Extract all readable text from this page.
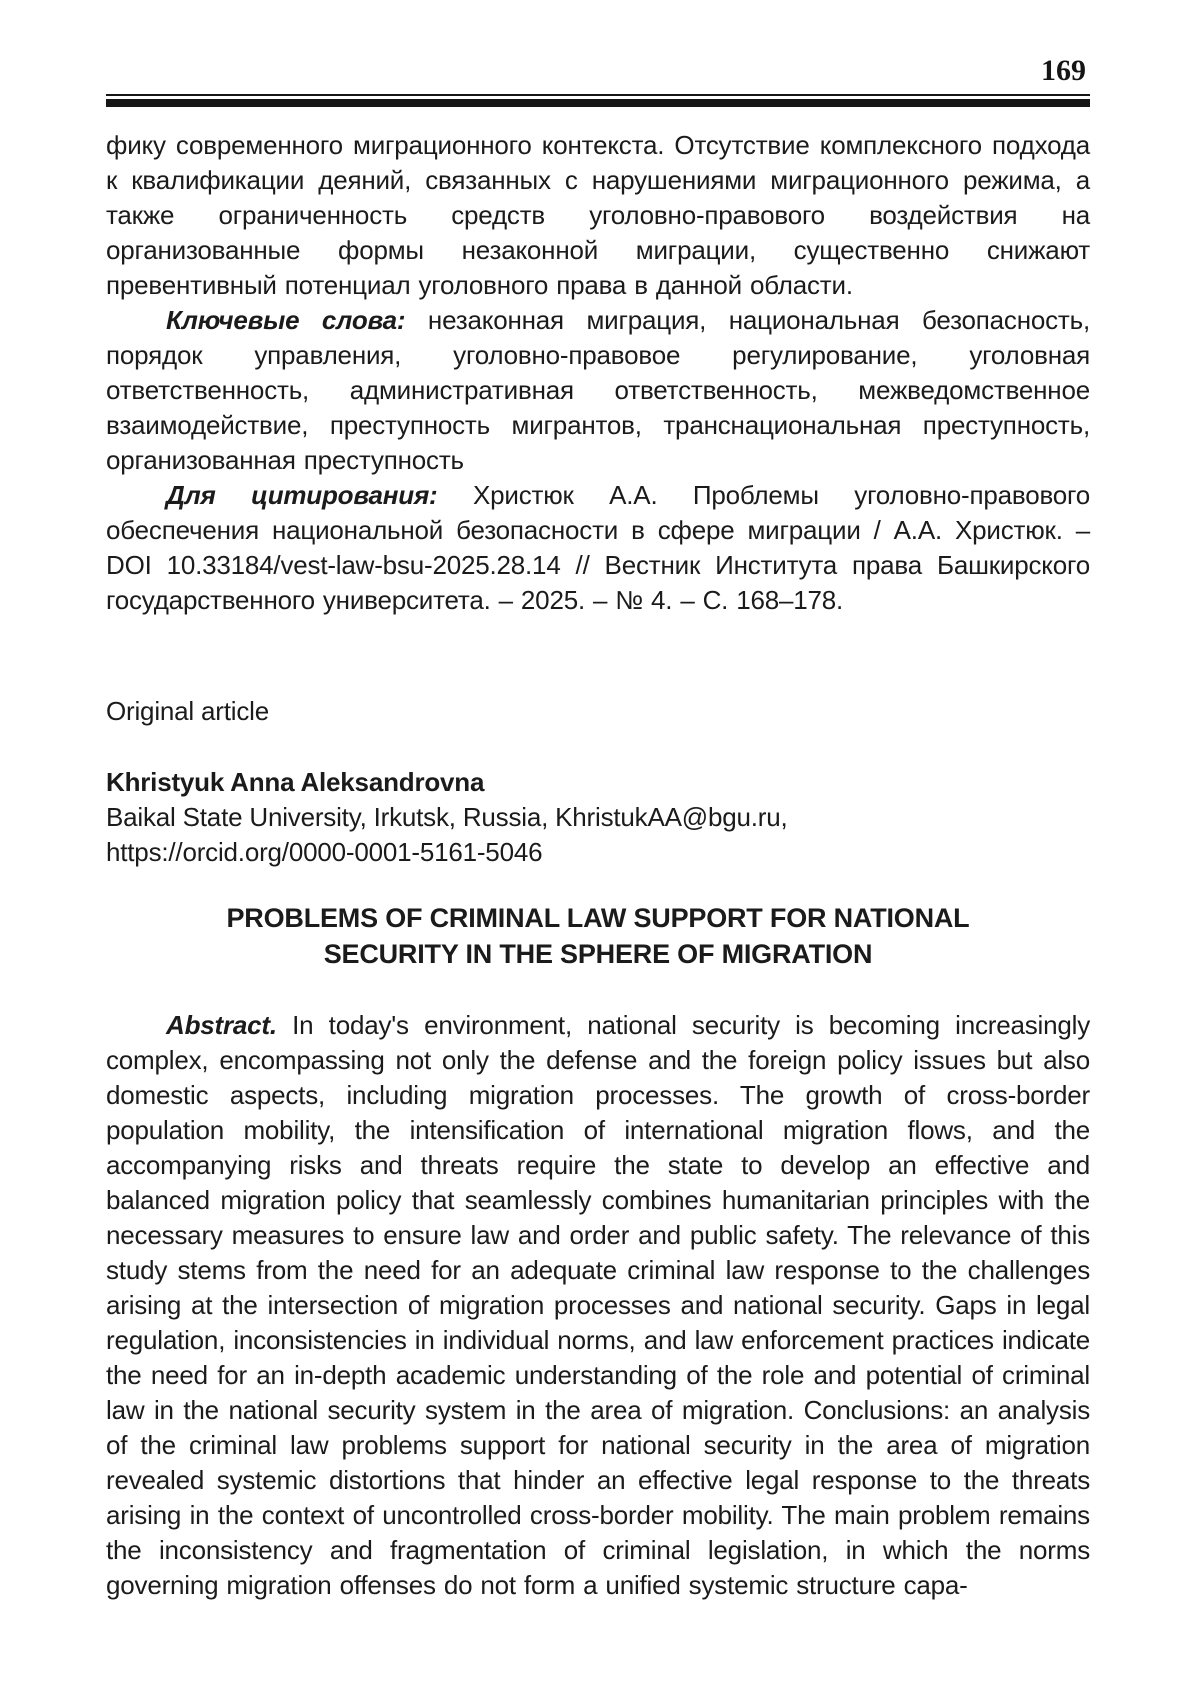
169

фику современного миграционного контекста. Отсутствие комплексного подхода к квалификации деяний, связанных с нарушениями миграционного режима, а также ограниченность средств уголовно-правового воздействия на организованные формы незаконной миграции, существенно снижают превентивный потенциал уголовного права в данной области.

Ключевые слова: незаконная миграция, национальная безопасность, порядок управления, уголовно-правовое регулирование, уголовная ответственность, административная ответственность, межведомственное взаимодействие, преступность мигрантов, транснациональная преступность, организованная преступность

Для цитирования: Христюк А.А. Проблемы уголовно-правового обеспечения национальной безопасности в сфере миграции / А.А. Христюк. – DOI 10.33184/vest-law-bsu-2025.28.14 // Вестник Института права Башкирского государственного университета. – 2025. – № 4. – С. 168–178.

Original article

Khristyuk Anna Aleksandrovna
Baikal State University, Irkutsk, Russia, KhristukAA@bgu.ru,
https://orcid.org/0000-0001-5161-5046
PROBLEMS OF CRIMINAL LAW SUPPORT FOR NATIONAL
SECURITY IN THE SPHERE OF MIGRATION

Abstract. In today's environment, national security is becoming increasingly complex, encompassing not only the defense and the foreign policy issues but also domestic aspects, including migration processes. The growth of cross-border population mobility, the intensification of international migration flows, and the accompanying risks and threats require the state to develop an effective and balanced migration policy that seamlessly combines humanitarian principles with the necessary measures to ensure law and order and public safety. The relevance of this study stems from the need for an adequate criminal law response to the challenges arising at the intersection of migration processes and national security. Gaps in legal regulation, inconsistencies in individual norms, and law enforcement practices indicate the need for an in-depth academic understanding of the role and potential of criminal law in the national security system in the area of migration. Conclusions: an analysis of the criminal law problems support for national security in the area of migration revealed systemic distortions that hinder an effective legal response to the threats arising in the context of uncontrolled cross-border mobility. The main problem remains the inconsistency and fragmentation of criminal legislation, in which the norms governing migration offenses do not form a unified systemic structure capa-
